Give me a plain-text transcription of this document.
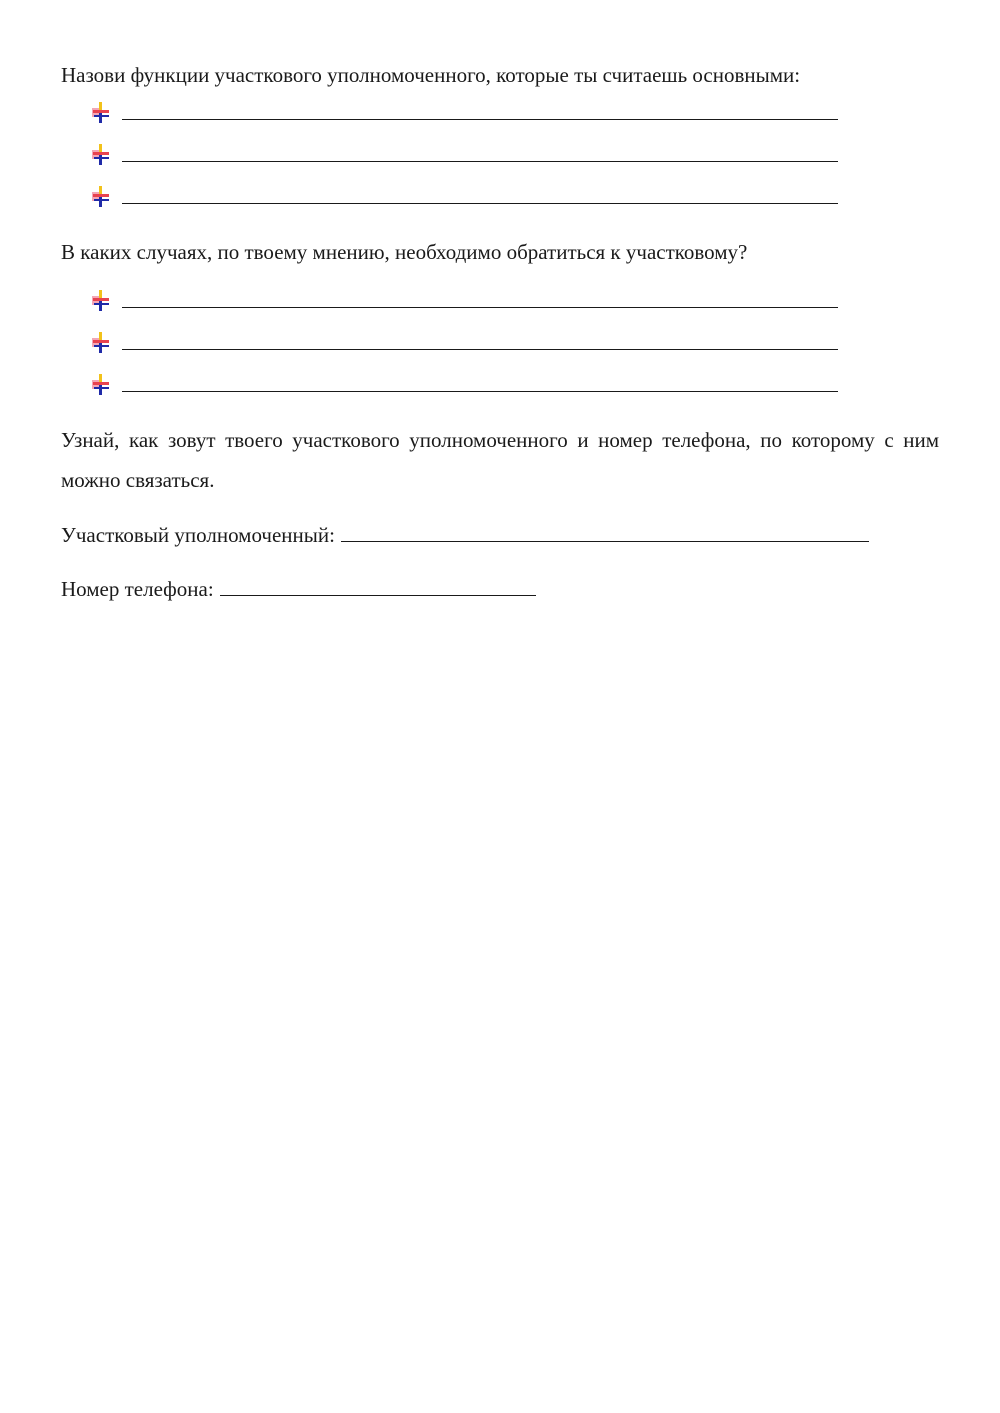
Назови функции участкового уполномоченного, которые ты считаешь основными:

В каких случаях, по твоему мнению, необходимо обратиться к участковому?

Узнай, как зовут твоего участкового уполномоченного и номер телефона, по которому с ним можно связаться.

Участковый уполномоченный:

Номер телефона:
